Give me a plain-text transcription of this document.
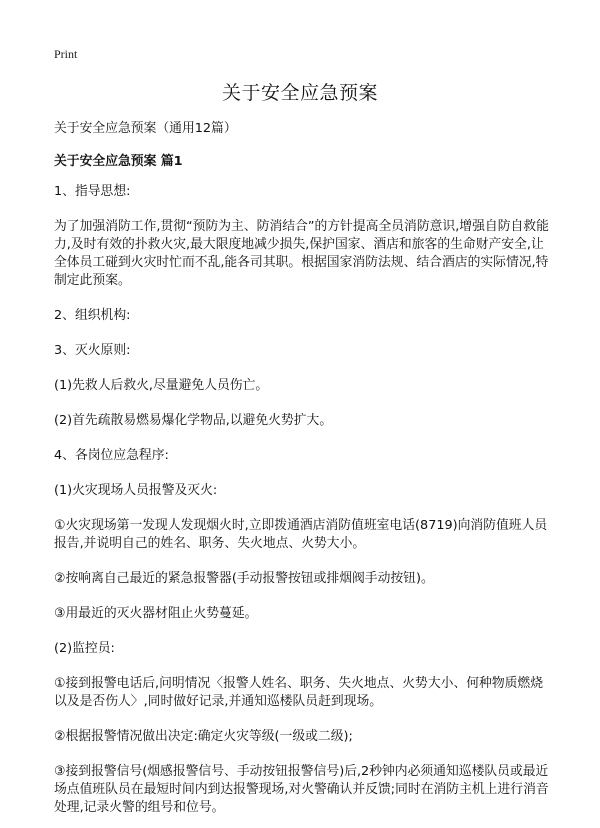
Print
关于安全应急预案

关于安全应急预案（通用12篇）

关于安全应急预案 篇1

1、指导思想:

为了加强消防工作,贯彻“预防为主、防消结合”的方针提高全员消防意识,增强自防自救能力,及时有效的扑救火灾,最大限度地减少损失,保护国家、酒店和旅客的生命财产安全,让全体员工碰到火灾时忙而不乱,能各司其职。根据国家消防法规、结合酒店的实际情况,特制定此预案。

2、组织机构:

3、灭火原则:

(1)先救人后救火,尽量避免人员伤亡。

(2)首先疏散易燃易爆化学物品,以避免火势扩大。

4、各岗位应急程序:

(1)火灾现场人员报警及灭火:

①火灾现场第一发现人发现烟火时,立即拨通酒店消防值班室电话(8719)向消防值班人员报告,并说明自己的姓名、职务、失火地点、火势大小。

②按响离自己最近的紧急报警器(手动报警按钮或排烟阀手动按钮)。

③用最近的灭火器材阻止火势蔓延。

(2)监控员:

①接到报警电话后,问明情况〈报警人姓名、职务、失火地点、火势大小、何种物质燃烧以及是否伤人〉,同时做好记录,并通知巡楼队员赶到现场。

②根据报警情况做出决定:确定火灾等级(一级或二级);

③接到报警信号(烟感报警信号、手动按钮报警信号)后,2秒钟内必须通知巡楼队员或最近场点值班队员在最短时间内到达报警现场,对火警确认并反馈;同时在消防主机上进行消音处理,记录火警的组号和位号。
